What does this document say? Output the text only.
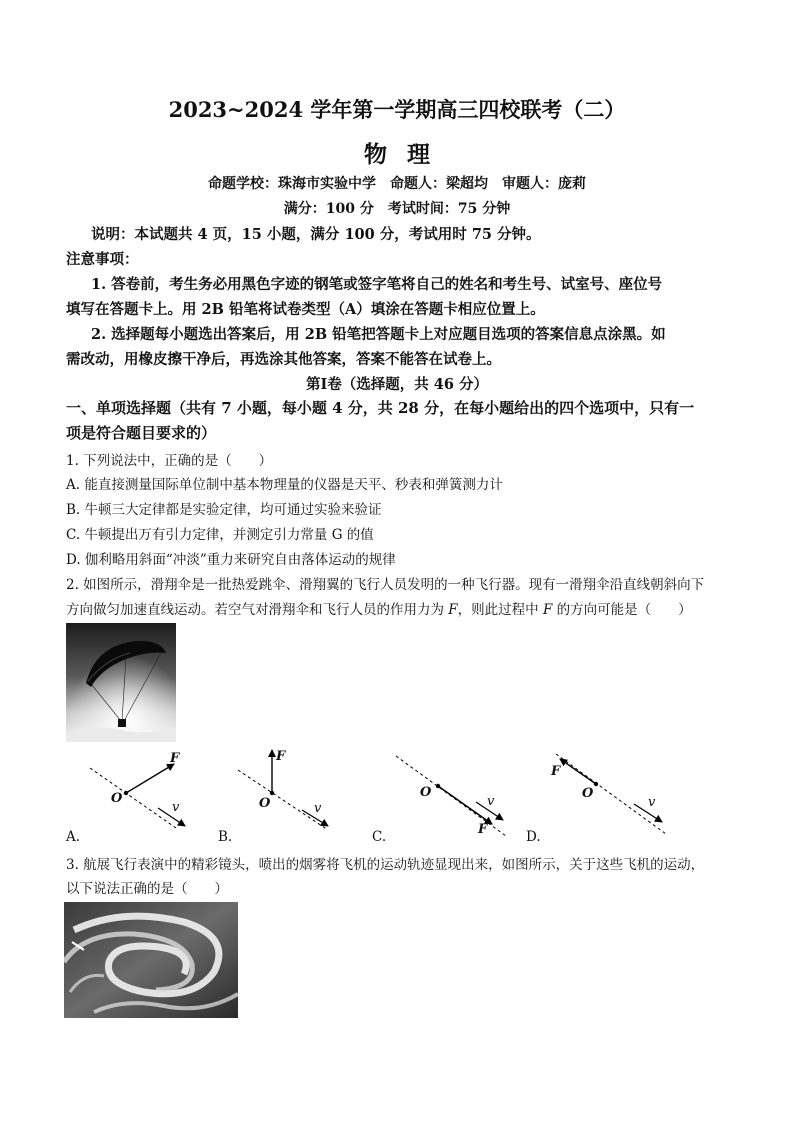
2023~2024 学年第一学期高三四校联考（二）
物理
命题学校：珠海市实验中学　命题人：梁超均　审题人：庞莉
满分：100 分　考试时间：75 分钟
说明：本试题共 4 页，15 小题，满分 100 分，考试用时 75 分钟。
注意事项：
1. 答卷前，考生务必用黑色字迹的钢笔或签字笔将自己的姓名和考生号、试室号、座位号
填写在答题卡上。用 2B 铅笔将试卷类型（A）填涂在答题卡相应位置上。
2. 选择题每小题选出答案后，用 2B 铅笔把答题卡上对应题目选项的答案信息点涂黑。如
需改动，用橡皮擦干净后，再选涂其他答案，答案不能答在试卷上。
第Ⅰ卷（选择题，共 46 分）
一、单项选择题（共有 7 小题，每小题 4 分，共 28 分，在每小题给出的四个选项中，只有一
项是符合题目要求的）
1. 下列说法中，正确的是（　　）
A. 能直接测量国际单位制中基本物理量的仪器是天平、秒表和弹簧测力计
B. 牛顿三大定律都是实验定律，均可通过实验来验证
C. 牛顿提出万有引力定律，并测定引力常量 G 的值
D. 伽利略用斜面“冲淡”重力来研究自由落体运动的规律
2. 如图所示，滑翔伞是一批热爱跳伞、滑翔翼的飞行人员发明的一种飞行器。现有一滑翔伞沿直线朝斜向下
方向做匀加速直线运动。若空气对滑翔伞和飞行人员的作用力为 F，则此过程中 F 的方向可能是（　　）
F
O
v
F
O	v
O
v
F
F
O
v
A.	B.	C.	D.
3. 航展飞行表演中的精彩镜头，喷出的烟雾将飞机的运动轨迹显现出来，如图所示，关于这些飞机的运动，
以下说法正确的是（　　）
